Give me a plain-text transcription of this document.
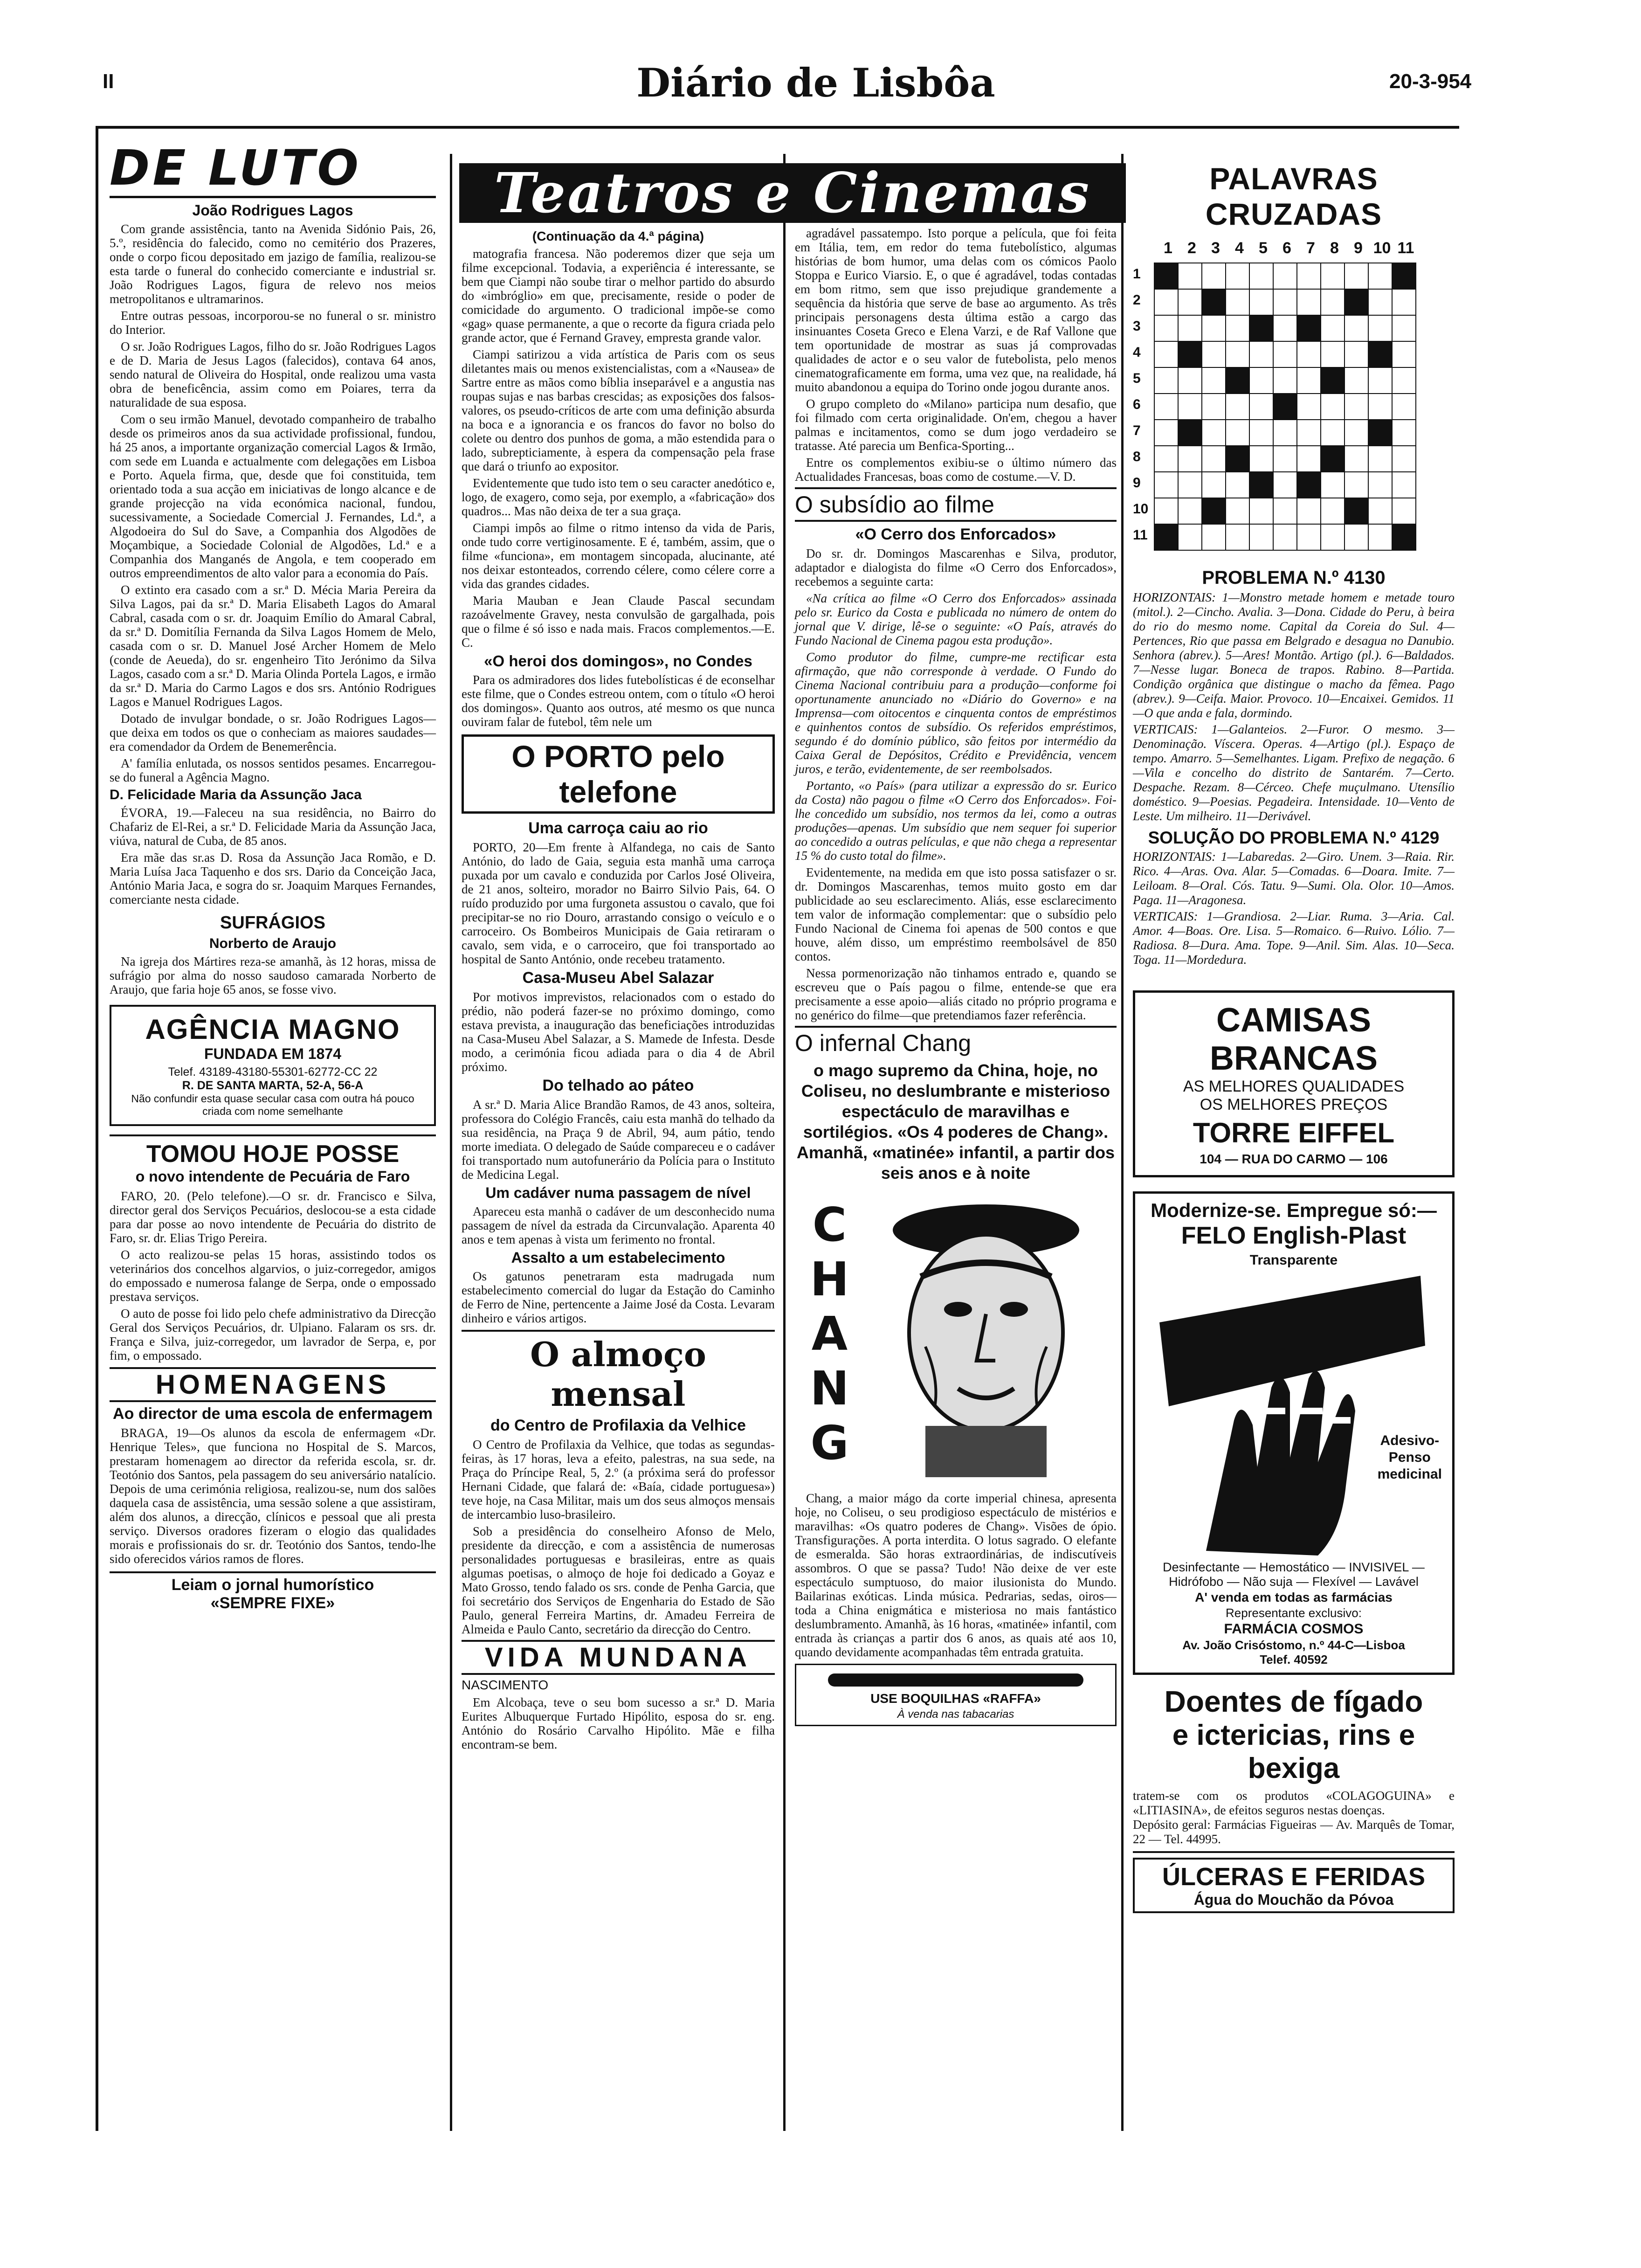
II	Diário de Lisbôa	20-3-954
DE LUTO
João Rodrigues Lagos

Com grande assistência, tanto na Avenida Sidónio Pais, 26, 5.º, residência do falecido, como no cemitério dos Prazeres, onde o corpo ficou depositado em jazigo de família, realizou-se esta tarde o funeral do conhecido comerciante e industrial sr. João Rodrigues Lagos, figura de relevo nos meios metropolitanos e ultramarinos.

Entre outras pessoas, incorporou-se no funeral o sr. ministro do Interior.

O sr. João Rodrigues Lagos, filho do sr. João Rodrigues Lagos e de D. Maria de Jesus Lagos (falecidos), contava 64 anos, sendo natural de Oliveira do Hospital, onde realizou uma vasta obra de beneficência, assim como em Poiares, terra da naturalidade de sua esposa.

Com o seu irmão Manuel, devotado companheiro de trabalho desde os primeiros anos da sua actividade profissional, fundou, há 25 anos, a importante organização comercial Lagos & Irmão, com sede em Luanda e actualmente com delegações em Lisboa e Porto. Aquela firma, que, desde que foi constituida, tem orientado toda a sua acção em iniciativas de longo alcance e de grande projecção na vida económica nacional, fundou, sucessivamente, a Sociedade Comercial J. Fernandes, Ld.ª, a Algodoeira do Sul do Save, a Companhia dos Algodões de Moçambique, a Sociedade Colonial de Algodões, Ld.ª e a Companhia dos Manganés de Angola, e tem cooperado em outros empreendimentos de alto valor para a economia do País.

O extinto era casado com a sr.ª D. Mécia Maria Pereira da Silva Lagos, pai da sr.ª D. Maria Elisabeth Lagos do Amaral Cabral, casada com o sr. dr. Joaquim Emílio do Amaral Cabral, da sr.ª D. Domitília Fernanda da Silva Lagos Homem de Melo, casada com o sr. D. Manuel José Archer Homem de Melo (conde de Aeueda), do sr. engenheiro Tito Jerónimo da Silva Lagos, casado com a sr.ª D. Maria Olinda Portela Lagos, e irmão da sr.ª D. Maria do Carmo Lagos e dos srs. António Rodrigues Lagos e Manuel Rodrigues Lagos.

Dotado de invulgar bondade, o sr. João Rodrigues Lagos—que deixa em todos os que o conheciam as maiores saudades—era comendador da Ordem de Benemerência.

A' família enlutada, os nossos sentidos pesames. Encarregou-se do funeral a Agência Magno.

D. Felicidade Maria da Assunção Jaca

ÉVORA, 19.—Faleceu na sua residência, no Bairro do Chafariz de El-Rei, a sr.ª D. Felicidade Maria da Assunção Jaca, viúva, natural de Cuba, de 85 anos.

Era mãe das sr.as D. Rosa da Assunção Jaca Romão, e D. Maria Luísa Jaca Taquenho e dos srs. Dario da Conceição Jaca, António Maria Jaca, e sogra do sr. Joaquim Marques Fernandes, comerciante nesta cidade.

SUFRÁGIOS
Norberto de Araujo

Na igreja dos Mártires reza-se amanhã, às 12 horas, missa de sufrágio por alma do nosso saudoso camarada Norberto de Araujo, que faria hoje 65 anos, se fosse vivo.

AGÊNCIA MAGNO
FUNDADA EM 1874
Telef. 43189-43180-55301-62772-CC 22
R. DE SANTA MARTA, 52-A, 56-A
Não confundir esta quase secular casa com outra há pouco criada com nome semelhante
TOMOU HOJE POSSE
o novo intendente de Pecuária de Faro

FARO, 20. (Pelo telefone).—O sr. dr. Francisco e Silva, director geral dos Serviços Pecuários, deslocou-se a esta cidade para dar posse ao novo intendente de Pecuária do distrito de Faro, sr. dr. Elias Trigo Pereira.

O acto realizou-se pelas 15 horas, assistindo todos os veterinários dos concelhos algarvios, o juiz-corregedor, amigos do empossado e numerosa falange de Serpa, onde o empossado prestava serviços.

O auto de posse foi lido pelo chefe administrativo da Direcção Geral dos Serviços Pecuários, dr. Ulpiano. Falaram os srs. dr. França e Silva, juiz-corregedor, um lavrador de Serpa, e, por fim, o empossado.

HOMENAGENS
Ao director de uma escola de enfermagem

BRAGA, 19—Os alunos da escola de enfermagem «Dr. Henrique Teles», que funciona no Hospital de S. Marcos, prestaram homenagem ao director da referida escola, sr. dr. Teotónio dos Santos, pela passagem do seu aniversário natalício. Depois de uma cerimónia religiosa, realizou-se, num dos salões daquela casa de assistência, uma sessão solene a que assistiram, além dos alunos, a direcção, clínicos e pessoal que ali presta serviço. Diversos oradores fizeram o elogio das qualidades morais e profissionais do sr. dr. Teotónio dos Santos, tendo-lhe sido oferecidos vários ramos de flores.

Leiam o jornal humorístico
«SEMPRE FIXE»
Teatros e Cinemas
(Continuação da 4.ª página)

matografia francesa. Não poderemos dizer que seja um filme excepcional. Todavia, a experiência é interessante, se bem que Ciampi não soube tirar o melhor partido do absurdo do «imbróglio» em que, precisamente, reside o poder de comicidade do argumento. O tradicional impõe-se como «gag» quase permanente, a que o recorte da figura criada pelo grande actor, que é Fernand Gravey, empresta grande valor.

Ciampi satirizou a vida artística de Paris com os seus diletantes mais ou menos existencialistas, com a «Nausea» de Sartre entre as mãos como bíblia inseparável e a angustia nas roupas sujas e nas barbas crescidas; as exposições dos falsos-valores, os pseudo-críticos de arte com uma definição absurda na boca e a ignorancia e os francos do favor no bolso do colete ou dentro dos punhos de goma, a mão estendida para o lado, subrepticiamente, à espera da compensação pela frase que dará o triunfo ao expositor.

Evidentemente que tudo isto tem o seu caracter anedótico e, logo, de exagero, como seja, por exemplo, a «fabricação» dos quadros... Mas não deixa de ter a sua graça.

Ciampi impôs ao filme o ritmo intenso da vida de Paris, onde tudo corre vertiginosamente. E é, também, assim, que o filme «funciona», em montagem sincopada, alucinante, até nos deixar estonteados, correndo célere, como célere corre a vida das grandes cidades.

Maria Mauban e Jean Claude Pascal secundam razoávelmente Gravey, nesta convulsão de gargalhada, pois que o filme é só isso e nada mais. Fracos complementos.—E. C.

«O heroi dos domingos», no Condes

Para os admiradores dos lides futebolísticas é de econselhar este filme, que o Condes estreou ontem, com o título «O heroi dos domingos». Quanto aos outros, até mesmo os que nunca ouviram falar de futebol, têm nele um

O PORTO pelo telefone
Uma carroça caiu ao rio

PORTO, 20—Em frente à Alfandega, no cais de Santo António, do lado de Gaia, seguia esta manhã uma carroça puxada por um cavalo e conduzida por Carlos José Oliveira, de 21 anos, solteiro, morador no Bairro Silvio Pais, 64. O ruído produzido por uma furgoneta assustou o cavalo, que foi precipitar-se no rio Douro, arrastando consigo o veículo e o carroceiro. Os Bombeiros Municipais de Gaia retiraram o cavalo, sem vida, e o carroceiro, que foi transportado ao hospital de Santo António, onde recebeu tratamento.

Casa-Museu Abel Salazar

Por motivos imprevistos, relacionados com o estado do prédio, não poderá fazer-se no próximo domingo, como estava prevista, a inauguração das beneficiações introduzidas na Casa-Museu Abel Salazar, a S. Mamede de Infesta. Desde modo, a cerimónia ficou adiada para o dia 4 de Abril próximo.

Do telhado ao páteo

A sr.ª D. Maria Alice Brandão Ramos, de 43 anos, solteira, professora do Colégio Francês, caiu esta manhã do telhado da sua residência, na Praça 9 de Abril, 94, aum pátio, tendo morte imediata. O delegado de Saúde compareceu e o cadáver foi transportado num autofunerário da Polícia para o Instituto de Medicina Legal.

Um cadáver numa passagem de nível

Apareceu esta manhã o cadáver de um desconhecido numa passagem de nível da estrada da Circunvalação. Aparenta 40 anos e tem apenas à vista um ferimento no frontal.

Assalto a um estabelecimento

Os gatunos penetraram esta madrugada num estabelecimento comercial do lugar da Estação do Caminho de Ferro de Nine, pertencente a Jaime José da Costa. Levaram dinheiro e vários artigos.

O almoço mensal
do Centro de Profilaxia da Velhice

O Centro de Profilaxia da Velhice, que todas as segundas-feiras, às 17 horas, leva a efeito, palestras, na sua sede, na Praça do Príncipe Real, 5, 2.º (a próxima será do professor Hernani Cidade, que falará de: «Baía, cidade portuguesa») teve hoje, na Casa Militar, mais um dos seus almoços mensais de intercambio luso-brasileiro.

Sob a presidência do conselheiro Afonso de Melo, presidente da direcção, e com a assistência de numerosas personalidades portuguesas e brasileiras, entre as quais algumas poetisas, o almoço de hoje foi dedicado a Goyaz e Mato Grosso, tendo falado os srs. conde de Penha Garcia, que foi secretário dos Serviços de Engenharia do Estado de São Paulo, general Ferreira Martins, dr. Amadeu Ferreira de Almeida e Paulo Canto, secretário da direcção do Centro.

VIDA MUNDANA
NASCIMENTO

Em Alcobaça, teve o seu bom sucesso a sr.ª D. Maria Eurites Albuquerque Furtado Hipólito, esposa do sr. eng. António do Rosário Carvalho Hipólito. Mãe e filha encontram-se bem.

agradável passatempo. Isto porque a película, que foi feita em Itália, tem, em redor do tema futebolístico, algumas histórias de bom humor, uma delas com os cómicos Paolo Stoppa e Eurico Viarsio. E, o que é agradável, todas contadas em bom ritmo, sem que isso prejudique grandemente a sequência da história que serve de base ao argumento. As três principais personagens desta última estão a cargo das insinuantes Coseta Greco e Elena Varzi, e de Raf Vallone que tem oportunidade de mostrar as suas já comprovadas qualidades de actor e o seu valor de futebolista, pelo menos cinematograficamente em forma, uma vez que, na realidade, há muito abandonou a equipa do Torino onde jogou durante anos.

O grupo completo do «Milano» participa num desafio, que foi filmado com certa originalidade. On'em, chegou a haver palmas e incitamentos, como se dum jogo verdadeiro se tratasse. Até parecia um Benfica-Sporting...

Entre os complementos exibiu-se o último número das Actualidades Francesas, boas como de costume.—V. D.

O subsídio ao filme
«O Cerro dos Enforcados»

Do sr. dr. Domingos Mascarenhas e Silva, produtor, adaptador e dialogista do filme «O Cerro dos Enforcados», recebemos a seguinte carta:

«Na crítica ao filme «O Cerro dos Enforcados» assinada pelo sr. Eurico da Costa e publicada no número de ontem do jornal que V. dirige, lê-se o seguinte: «O País, através do Fundo Nacional de Cinema pagou esta produção».

Como produtor do filme, cumpre-me rectificar esta afirmação, que não corresponde à verdade. O Fundo do Cinema Nacional contribuiu para a produção—conforme foi oportunamente anunciado no «Diário do Governo» e na Imprensa—com oitocentos e cinquenta contos de empréstimos e quinhentos contos de subsídio. Os referidos empréstimos, segundo é do domínio público, são feitos por intermédio da Caixa Geral de Depósitos, Crédito e Previdência, vencem juros, e terão, evidentemente, de ser reembolsados.

Portanto, «o País» (para utilizar a expressão do sr. Eurico da Costa) não pagou o filme «O Cerro dos Enforcados». Foi-lhe concedido um subsídio, nos termos da lei, como a outras produções—apenas. Um subsídio que nem sequer foi superior ao concedido a outras películas, e que não chega a representar 15 % do custo total do filme».

Evidentemente, na medida em que isto possa satisfazer o sr. dr. Domingos Mascarenhas, temos muito gosto em dar publicidade ao seu esclarecimento. Aliás, esse esclarecimento tem valor de informação complementar: que o subsídio pelo Fundo Nacional de Cinema foi apenas de 500 contos e que houve, além disso, um empréstimo reembolsável de 850 contos.

Nessa pormenorização não tinhamos entrado e, quando se escreveu que o País pagou o filme, entende-se que era precisamente a esse apoio—aliás citado no próprio programa e no genérico do filme—que pretendiamos fazer referência.

O infernal Chang
o mago supremo da China, hoje, no Coliseu, no deslumbrante e misterioso espectáculo de maravilhas e sortilégios. «Os 4 poderes de Chang». Amanhã, «matinée» infantil, a partir dos seis anos e à noite
CHANG

Chang, a maior mágo da corte imperial chinesa, apresenta hoje, no Coliseu, o seu prodigioso espectáculo de mistérios e maravilhas: «Os quatro poderes de Chang». Visões de ópio. Transfigurações. A porta interdita. O lotus sagrado. O elefante de esmeralda. São horas extraordinárias, de indiscutíveis assombros. O que se passa? Tudo! Não deixe de ver este espectáculo sumptuoso, do maior ilusionista do Mundo. Bailarinas exóticas. Linda música. Pedrarias, sedas, oiros—toda a China enigmática e misteriosa no mais fantástico deslumbramento. Amanhã, às 16 horas, «matinée» infantil, com entrada às crianças a partir dos 6 anos, as quais até aos 10, quando devidamente acompanhadas têm entrada gratuita.

USE BOQUILHAS «RAFFA»
À venda nas tabacarias
PALAVRAS CRUZADAS
1 2 3 4 5 6 7 8 9 10 11
1
2
3
4
5
6
7
8
9
10
11
PROBLEMA N.º 4130
HORIZONTAIS: 1—Monstro metade homem e metade touro (mitol.). 2—Cincho. Avalia. 3—Dona. Cidade do Peru, à beira do rio do mesmo nome. Capital da Coreia do Sul. 4—Pertences, Rio que passa em Belgrado e desagua no Danubio. Senhora (abrev.). 5—Ares! Montão. Artigo (pl.). 6—Baldados. 7—Nesse lugar. Boneca de trapos. Rabino. 8—Partida. Condição orgânica que distingue o macho da fêmea. Pago (abrev.). 9—Ceifa. Maior. Provoco. 10—Encaixei. Gemidos. 11—O que anda e fala, dormindo.
VERTICAIS: 1—Galanteios. 2—Furor. O mesmo. 3—Denominação. Víscera. Operas. 4—Artigo (pl.). Espaço de tempo. Amarro. 5—Semelhantes. Ligam. Prefixo de negação. 6—Vila e concelho do distrito de Santarém. 7—Certo. Despache. Rezam. 8—Cérceo. Chefe muçulmano. Utensílio doméstico. 9—Poesias. Pegadeira. Intensidade. 10—Vento de Leste. Um milheiro. 11—Derivável.
SOLUÇÃO DO PROBLEMA N.º 4129
HORIZONTAIS: 1—Labaredas. 2—Giro. Unem. 3—Raia. Rir. Rico. 4—Aras. Ova. Alar. 5—Comadas. 6—Doara. Imite. 7—Leiloam. 8—Oral. Cós. Tatu. 9—Sumi. Ola. Olor. 10—Amos. Paga. 11—Aragonesa.
VERTICAIS: 1—Grandiosa. 2—Liar. Ruma. 3—Aria. Cal. Amor. 4—Boas. Ore. Lisa. 5—Romaico. 6—Ruivo. Lólio. 7—Radiosa. 8—Dura. Ama. Tope. 9—Anil. Sim. Alas. 10—Seca. Toga. 11—Mordedura.
CAMISAS BRANCAS
AS MELHORES QUALIDADES
OS MELHORES PREÇOS
TORRE EIFFEL
104 — RUA DO CARMO — 106
Modernize-se. Empregue só:—
FELO English-Plast
Transparente
Adesivo-
Penso
medicinal
Desinfectante — Hemostático — INVISIVEL — Hidrófobo — Não suja — Flexível — Lavável
A' venda em todas as farmácias
Representante exclusivo:
FARMÁCIA COSMOS
Av. João Crisóstomo, n.º 44-C—Lisboa
Telef. 40592
Doentes de fígado
e ictericias, rins e bexiga
tratem-se com os produtos «COLAGOGUINA» e «LITIASINA», de efeitos seguros nestas doenças.
Depósito geral: Farmácias Figueiras — Av. Marquês de Tomar, 22 — Tel. 44995.
ÚLCERAS E FERIDAS
Água do Mouchão da Póvoa
